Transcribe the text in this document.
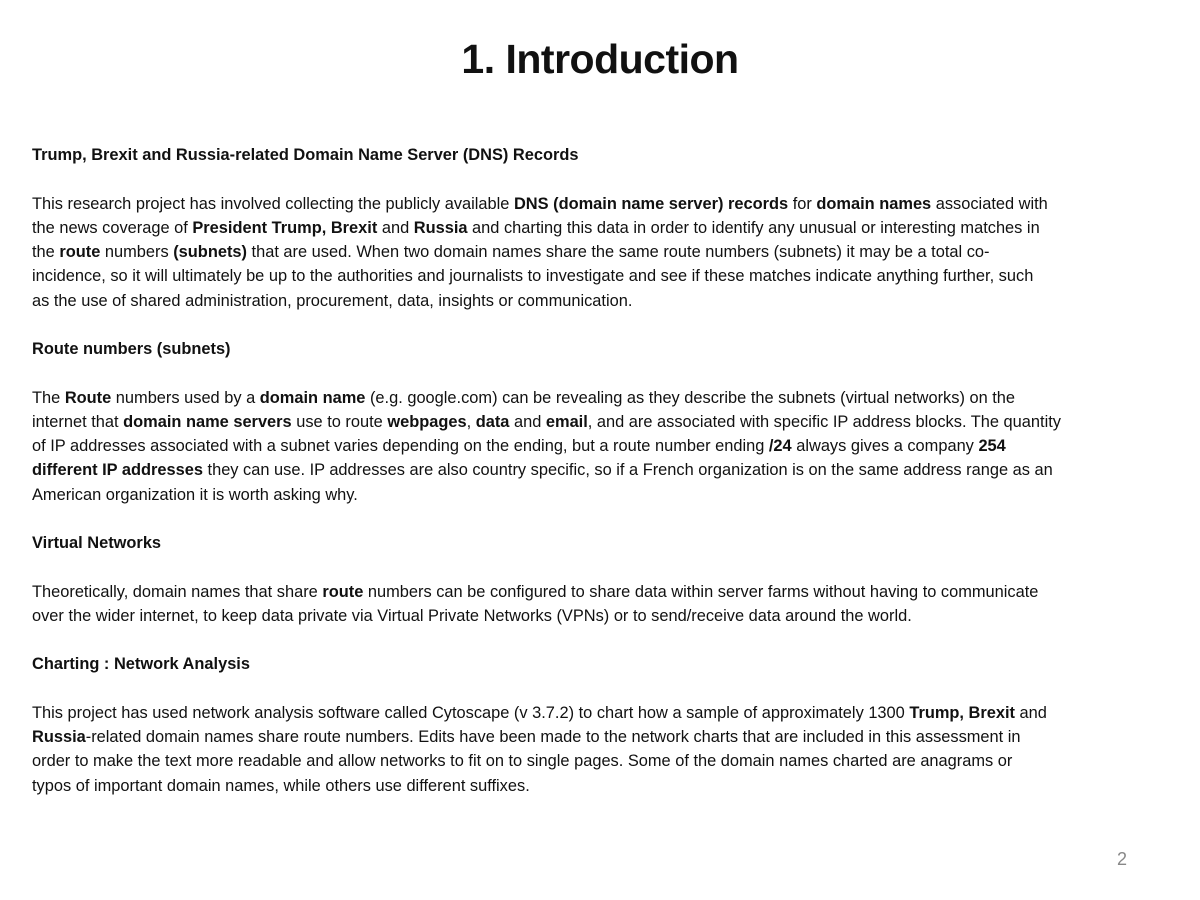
1. Introduction
Trump, Brexit and Russia-related Domain Name Server (DNS) Records
This research project has involved collecting the publicly available DNS (domain name server) records for domain names associated with
the news coverage of President Trump, Brexit and Russia and charting this data in order to identify any unusual or interesting matches in
the route numbers (subnets) that are used. When two domain names share the same route numbers (subnets) it may be a total co-
incidence, so it will ultimately be up to the authorities and journalists to investigate and see if these matches indicate anything further, such
as the use of shared administration, procurement, data, insights or communication.
Route numbers (subnets)
The Route numbers used by a domain name (e.g. google.com) can be revealing as they describe the subnets (virtual networks) on the
internet that domain name servers use to route webpages, data and email, and are associated with specific IP address blocks. The quantity
of IP addresses associated with a subnet varies depending on the ending, but a route number ending /24 always gives a company 254
different IP addresses they can use. IP addresses are also country specific, so if a French organization is on the same address range as an
American organization it is worth asking why.
Virtual Networks
Theoretically, domain names that share route numbers can be configured to share data within server farms without having to communicate
over the wider internet, to keep data private via Virtual Private Networks (VPNs) or to send/receive data around the world.
Charting : Network Analysis
This project has used network analysis software called Cytoscape (v 3.7.2) to chart how a sample of approximately 1300 Trump, Brexit and
Russia-related domain names share route numbers. Edits have been made to the network charts that are included in this assessment in
order to make the text more readable and allow networks to fit on to single pages. Some of the domain names charted are anagrams or
typos of important domain names, while others use different suffixes.
2
